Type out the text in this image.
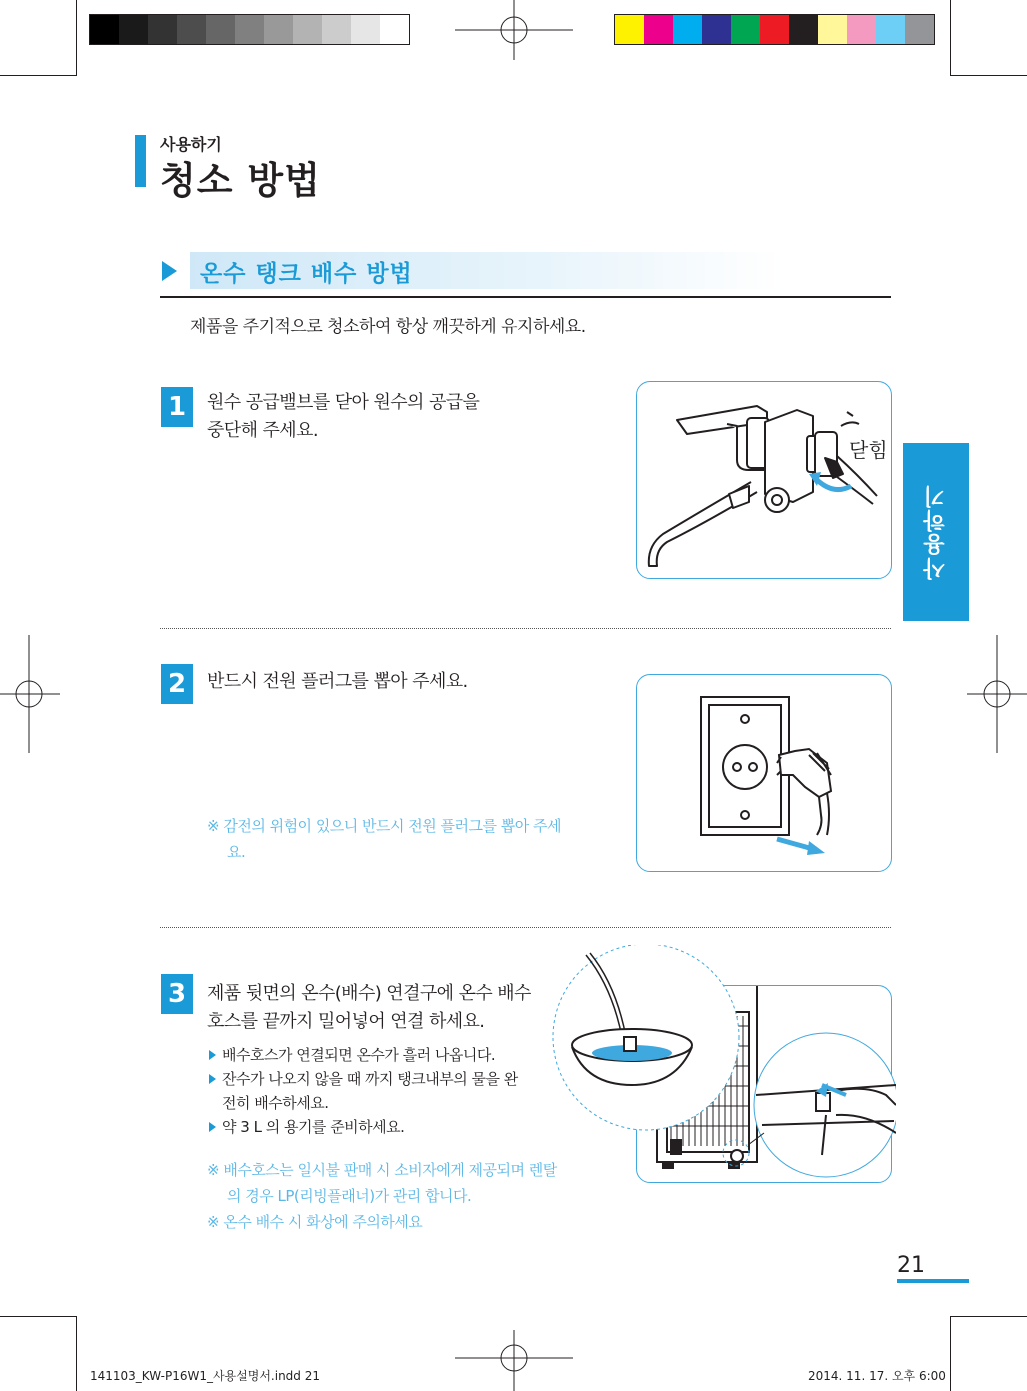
사용하기
청소 방법
온수 탱크 배수 방법
제품을 주기적으로 청소하여 항상 깨끗하게 유지하세요.
1	원수 공급밸브를 닫아 원수의 공급을
중단해 주세요.
닫힘
2	반드시 전원 플러그를 뽑아 주세요.
※ 감전의 위험이 있으니 반드시 전원 플러그를 뽑아 주세요.
3	제품 뒷면의 온수(배수) 연결구에 온수 배수
호스를 끝까지 밀어넣어 연결 하세요.
배수호스가 연결되면 온수가 흘러 나옵니다.
잔수가 나오지 않을 때 까지 탱크내부의 물을 완전히 배수하세요.
약 3 L 의 용기를 준비하세요.
※ 배수호스는 일시불 판매 시 소비자에게 제공되며 렌탈의 경우 LP(리빙플래너)가 관리 합니다.
※ 온수 배수 시 화상에 주의하세요
사용하기
21
141103_KW-P16W1_사용설명서.indd 21	2014. 11. 17. 오후 6:00
